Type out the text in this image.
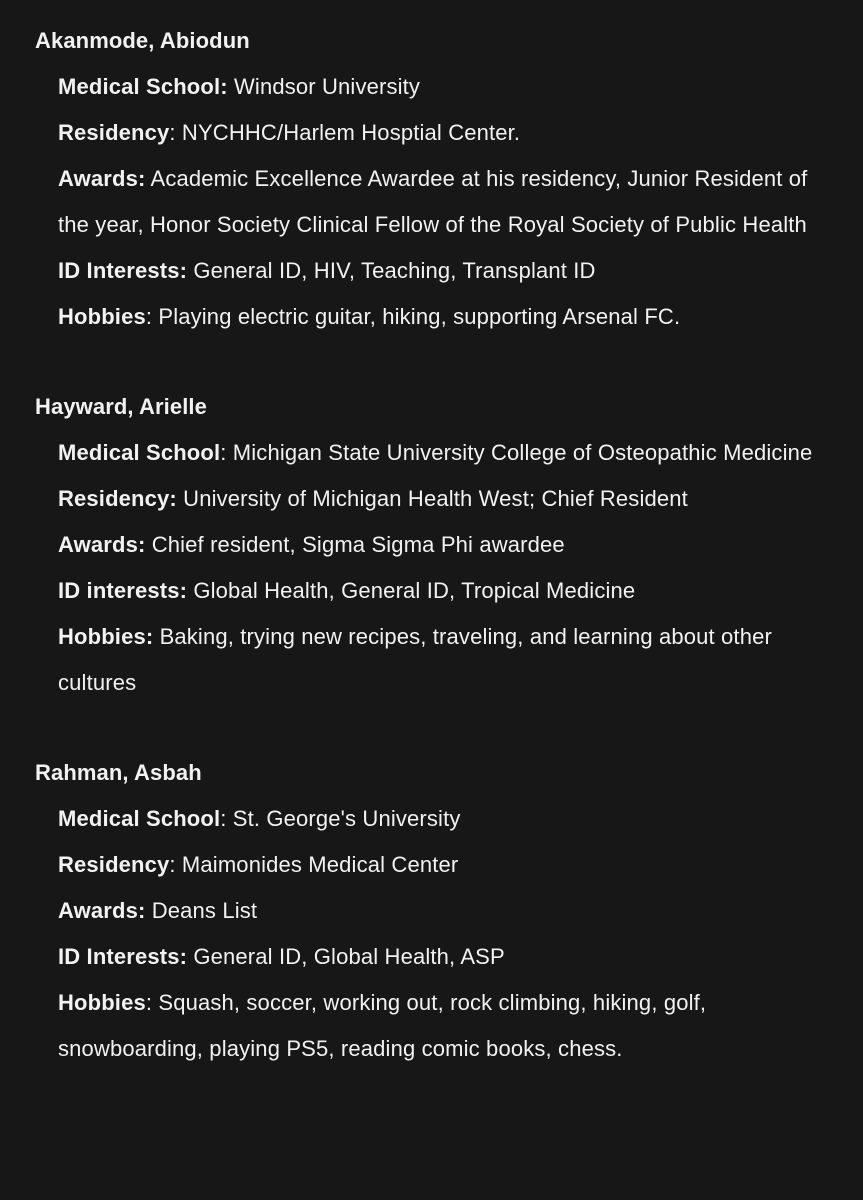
Akanmode, Abiodun
Medical School: Windsor University
Residency: NYCHHC/Harlem Hosptial Center.
Awards: Academic Excellence Awardee at his residency, Junior Resident of the year, Honor Society Clinical Fellow of the Royal Society of Public Health
ID Interests: General ID, HIV, Teaching, Transplant ID
Hobbies: Playing electric guitar, hiking, supporting Arsenal FC.
Hayward, Arielle
Medical School: Michigan State University College of Osteopathic Medicine
Residency: University of Michigan Health West; Chief Resident
Awards: Chief resident, Sigma Sigma Phi awardee
ID interests: Global Health, General ID, Tropical Medicine
Hobbies: Baking, trying new recipes, traveling, and learning about other cultures
Rahman, Asbah
Medical School: St. George's University
Residency: Maimonides Medical Center
Awards: Deans List
ID Interests: General ID, Global Health, ASP
Hobbies: Squash, soccer, working out, rock climbing, hiking, golf, snowboarding, playing PS5, reading comic books, chess.
